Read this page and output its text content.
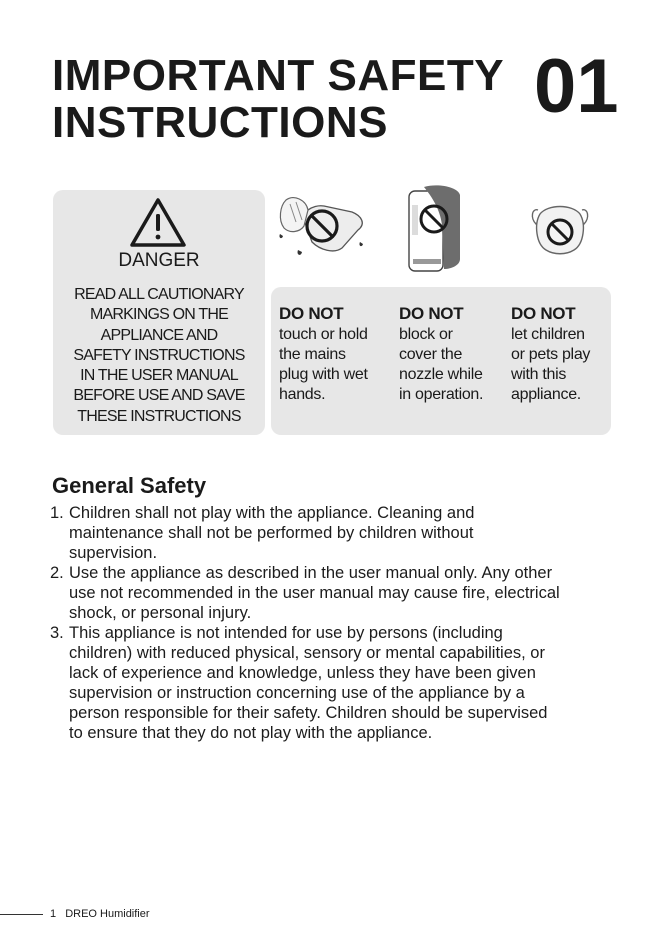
IMPORTANT SAFETY
INSTRUCTIONS	01
DANGER
READ ALL CAUTIONARY
MARKINGS ON THE
APPLIANCE AND
SAFETY INSTRUCTIONS
IN THE USER MANUAL
BEFORE USE AND SAVE
THESE INSTRUCTIONS
DO NOT
touch or hold
the mains
plug with wet
hands.
DO NOT
block or
cover the
nozzle while
in operation.
DO NOT
let children
or pets play
with this
appliance.
General Safety
1. Children shall not play with the appliance. Cleaning and
maintenance shall not be performed by children without
supervision.
2. Use the appliance as described in the user manual only. Any other
use not recommended in the user manual may cause fire, electrical
shock, or personal injury.
3. This appliance is not intended for use by persons (including
children) with reduced physical, sensory or mental capabilities, or
lack of experience and knowledge, unless they have been given
supervision or instruction concerning use of the appliance by a
person responsible for their safety. Children should be supervised
to ensure that they do not play with the appliance.
1 DREO Humidifier
